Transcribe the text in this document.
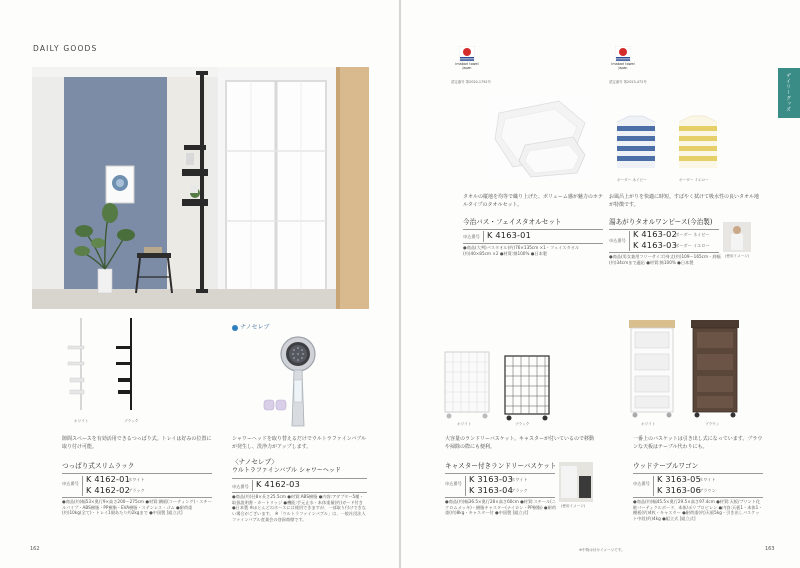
DAILY GOODS
ホワイト	ブラック
隙間スペースを有効活用できるつっぱり式。トレイは好みの位置に取り付け可能。
つっぱり式スリムラック
申込番号 K 4162-01
ホワイト
K 4162-02
ブラック
●商品(約)幅53×奥行9×高さ200〜275cm ●材質:鋼板(コーティング)・スチールパイプ・ABS樹脂・PP樹脂・EVA樹脂・ステンレス・ゴム ●耐荷重(約)10kg(全て)・トレイ1個あたり約2kgまで ●中国製 [組立式]
ナノセレブ
シャワーヘッドを取り替えるだけでウルトラファインバブルが発生し、洗浄力がアップします。
〈ナノセレブ〉
ウルトラファインバブル シャワーヘッド
申込番号 K 4162-03
●商品(約)径8×長さ25.5cm ●材質:ABS樹脂 ●内容:アダプター5種・取扱説明書・カートリッジ ●機能:手元止水・本体重量(約)ガード付き ●日本製 ※ほとんどのホースには使用できますが、一部取り付けできない場合がございます。 ※「ウルトラファインバブル」は、一般社団法人ファインバブル産業会の登録商標です。
162
デイリーグッズ
imabari towel
Japan
認定番号 第2020-1792号
タオルの縦地を均等で織り上げた、ボリューム感が魅力のホテルタイプのタオルセット。
今治バス・フェイスタオルセット
申込番号 K 4163-01
●商品(大判)バスタオル(約)76×135cm ×1・フェイスタオル(約)40×85cm ×2 ●材質:綿100% ●日本製
imabari towel
Japan
認定番号 第2023-472号
ボーダー ネイビー	ボーダー イエロー
お風呂上がりを快適に時短。すばやく拭けて吸水性の良いタオル地が特徴です。
湯あがりタオルワンピース(今治製)
申込番号
K 4163-02
ボーダー ネイビー
K 4163-03
ボーダー イエロー
●商品(男女兼用フリーサイズ)身丈(約)109〜165cm・肩幅(約)34cmまで適応 ●材質:綿100% ●日本製
(使用イメージ)
ホワイト	ブラック
大容量のランドリーバスケット。キャスターが付いているので移動や掃除の際にも便利。
キャスター付きランドリーバスケット
申込番号 K 3163-03
ホワイト
K 3163-04
ブラック
●商品(約)幅36.5×奥行28×高さ60cm ●材質:スチール(ニクロムメッキ)・樹脂キャスター(ナイロン・PP樹脂) ●耐荷重(約)8kg・キャスター付 ●中国製 [組立式]
(使用イメージ)
ホワイト	ブラウン
一番上のバスケットは引き出し式になっています。ブラウンな天板はテーブル代わりにも。
ウッドテーブルワゴン
申込番号 K 3163-05
ホワイト
K 3163-06
ブラウン
●商品(約)幅45.5×奥行29.5×高さ97.4cm ●材質:天板/プリント化粧パーティクルボード、本体/ポリプロピレン ●内容:天板1・本体1・棚板(約)4枚・キャスター ●耐荷重(約)天板5kg・引き出しバスケット中段(約)4kg ●組立式 [組立式]
※中物は付けイメージです。	163
